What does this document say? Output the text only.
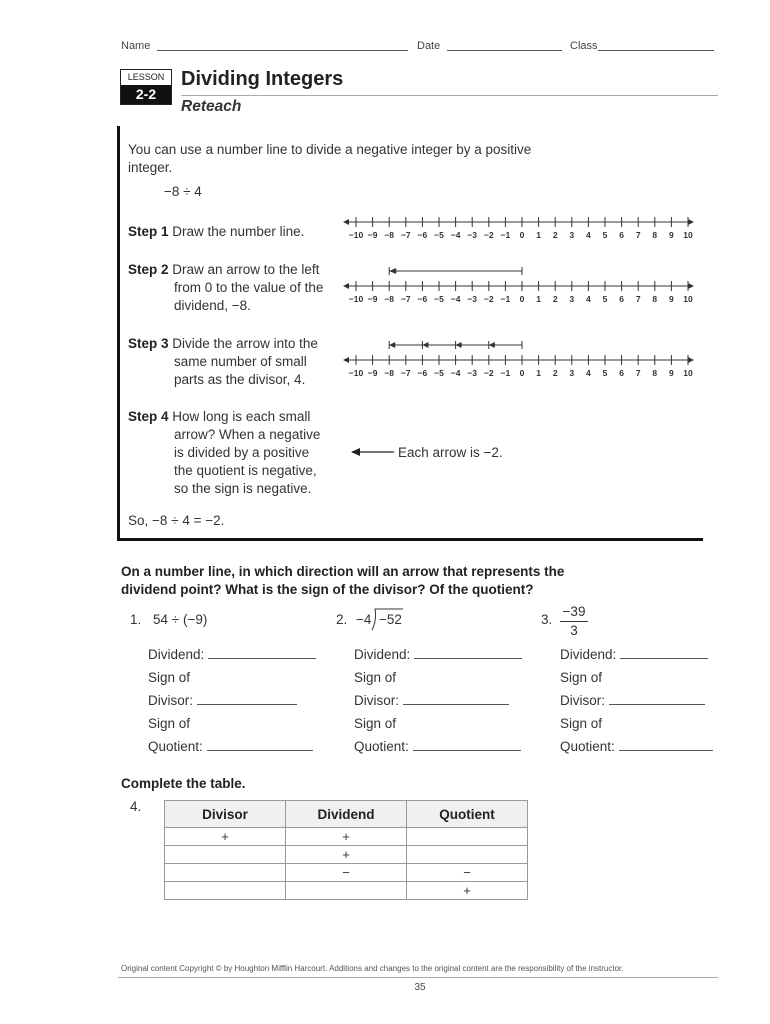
Name	Date	Class
LESSON
2-2
Dividing Integers
Reteach
You can use a number line to divide a negative integer by a positive integer.
−8 ÷ 4
Step 1 Draw the number line.
Step 2 Draw an arrow to the left
from 0 to the value of the
dividend, −8.
Step 3 Divide the arrow into the
same number of small
parts as the divisor, 4.
Step 4 How long is each small
arrow? When a negative
is divided by a positive
the quotient is negative,
so the sign is negative.
Each arrow is −2.
So, −8 ÷ 4 = −2.
−10 −9 −8 −7 −6 −5 −4 −3 −2 −1 0 1 2 3 4 5 6 7 8 9 10
−10 −9 −8 −7 −6 −5 −4 −3 −2 −1 0 1 2 3 4 5 6 7 8 9 10
−10 −9 −8 −7 −6 −5 −4 −3 −2 −1 0 1 2 3 4 5 6 7 8 9 10
On a number line, in which direction will an arrow that represents the dividend point? What is the sign of the divisor? Of the quotient?
1. 54 ÷ (−9)	2. −4 −52	3.
−39
3
Dividend:
Sign of
Divisor:
Sign of
Quotient:
Dividend:
Sign of
Divisor:
Sign of
Quotient:
Dividend:
Sign of
Divisor:
Sign of
Quotient:
Complete the table.
4.	Divisor	Dividend	Quotient
+	+	
	+	
	−	−
		+
Original content Copyright © by Houghton Mifflin Harcourt. Additions and changes to the original content are the responsibility of the instructor.
35
